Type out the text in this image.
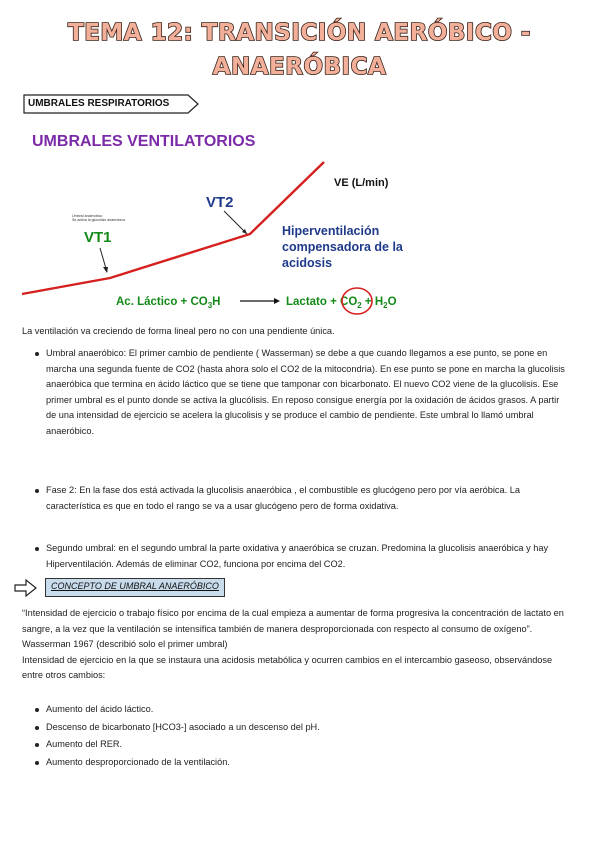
TEMA 12: TRANSICIÓN AERÓBICO -
ANAERÓBICA
UMBRALES RESPIRATORIOS
UMBRALES VENTILATORIOS
VE (L/min)
VT2
Umbral anaerobico
Se activa la glucolisis anaerobica
VT1	Hiperventilación
compensadora de la
acidosis
Ac. Láctico + $CO_3H$	Lactato + $CO_2 + H_2O$
La ventilación va creciendo de forma lineal pero no con una pendiente única.
Umbral anaeróbico: El primer cambio de pendiente ( Wasserman) se debe a que cuando llegamos a ese punto, se pone en
marcha una segunda fuente de CO2 (hasta ahora solo el CO2 de la mitocondria). En ese punto se pone en marcha la glucolisis
anaeróbica que termina en ácido láctico que se tiene que tamponar con bicarbonato. El nuevo CO2 viene de la glucolisis. Ese
primer umbral es el punto donde se activa la glucólisis. En reposo consigue energía por la oxidación de ácidos grasos. A partir
de una intensidad de ejercicio se acelera la glucolisis y se produce el cambio de pendiente. Este umbral lo llamó umbral
anaeróbico.
Fase 2: En la fase dos está activada la glucolisis anaeróbica , el combustible es glucógeno pero por vía aeróbica. La
característica es que en todo el rango se va a usar glucógeno pero de forma oxidativa.
Segundo umbral: en el segundo umbral la parte oxidativa y anaeróbica se cruzan. Predomina la glucolisis anaeróbica y hay
Hiperventilación. Además de eliminar CO2, funciona por encima del CO2.
“Intensidad de ejercicio o trabajo físico por encima de la cual empieza a aumentar de forma progresiva la concentración de lactato en
sangre, a la vez que la ventilación se intensifica también de manera desproporcionada con respecto al consumo de oxígeno”.
Wasserman 1967 (describió solo el primer umbral)
Intensidad de ejercicio en la que se instaura una acidosis metabólica y ocurren cambios en el intercambio gaseoso, observándose
entre otros cambios:
Aumento del ácido láctico.
Descenso de bicarbonato [HCO3-] asociado a un descenso del pH.
Aumento del RER.
Aumento desproporcionado de la ventilación.
CONCEPTO DE UMBRAL ANAERÓBICO
